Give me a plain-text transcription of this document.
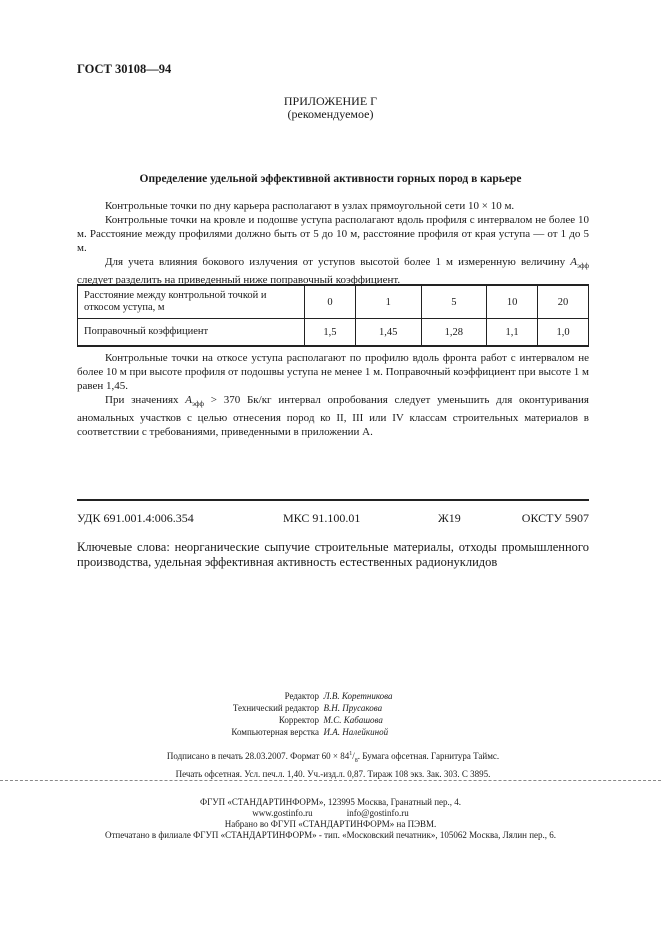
ГОСТ 30108—94
ПРИЛОЖЕНИЕ Г
(рекомендуемое)
Определение удельной эффективной активности горных пород в карьере

Контрольные точки по дну карьера располагают в узлах прямоугольной сети 10 × 10 м.

Контрольные точки на кровле и подошве уступа располагают вдоль профиля с интервалом не более 10 м. Расстояние между профилями должно быть от 5 до 10 м, расстояние профиля от края уступа — от 1 до 5 м.

Для учета влияния бокового излучения от уступов высотой более 1 м измеренную величину $A_{эфф}$ следует разделить на приведенный ниже поправочный коэффициент.

Расстояние между контрольной точкой и откосом уступа, м	0	1	5	10	20
Поправочный коэффициент	1,5	1,45	1,28	1,1	1,0

Контрольные точки на откосе уступа располагают по профилю вдоль фронта работ с интервалом не более 10 м при высоте профиля от подошвы уступа не менее 1 м. Поправочный коэффициент при высоте 1 м равен 1,45.

При значениях $A_{эфф} > 370$ Бк/кг интервал опробования следует уменьшить для оконтуривания аномальных участков с целью отнесения пород ко II, III или IV классам строительных материалов в соответствии с требованиями, приведенными в приложении А.

УДК 691.001.4:006.354	МКС 91.100.01	Ж19	ОКСТУ 5907

Ключевые слова: неорганические сыпучие строительные материалы, отходы промышленного производства, удельная эффективная активность естественных радионуклидов

Редактор Л.В. Коретникова
Технический редактор В.Н. Прусакова
Корректор М.С. Кабашова
Компьютерная верстка И.А. Налейкиной
Подписано в печать 28.03.2007. Формат $60 \times 84^1/_8$. Бумага офсетная. Гарнитура Таймс.
Печать офсетная. Усл. печ.л. 1,40. Уч.-изд.л. 0,87. Тираж 108 экз. Зак. 303. С 3895.
ФГУП «СТАНДАРТИНФОРМ», 123995 Москва, Гранатный пер., 4.
www.gostinfo.ru	info@gostinfo.ru
Набрано во ФГУП «СТАНДАРТИНФОРМ» на ПЭВМ.
Отпечатано в филиале ФГУП «СТАНДАРТИНФОРМ» - тип. «Московский печатник», 105062 Москва, Лялин пер., 6.
